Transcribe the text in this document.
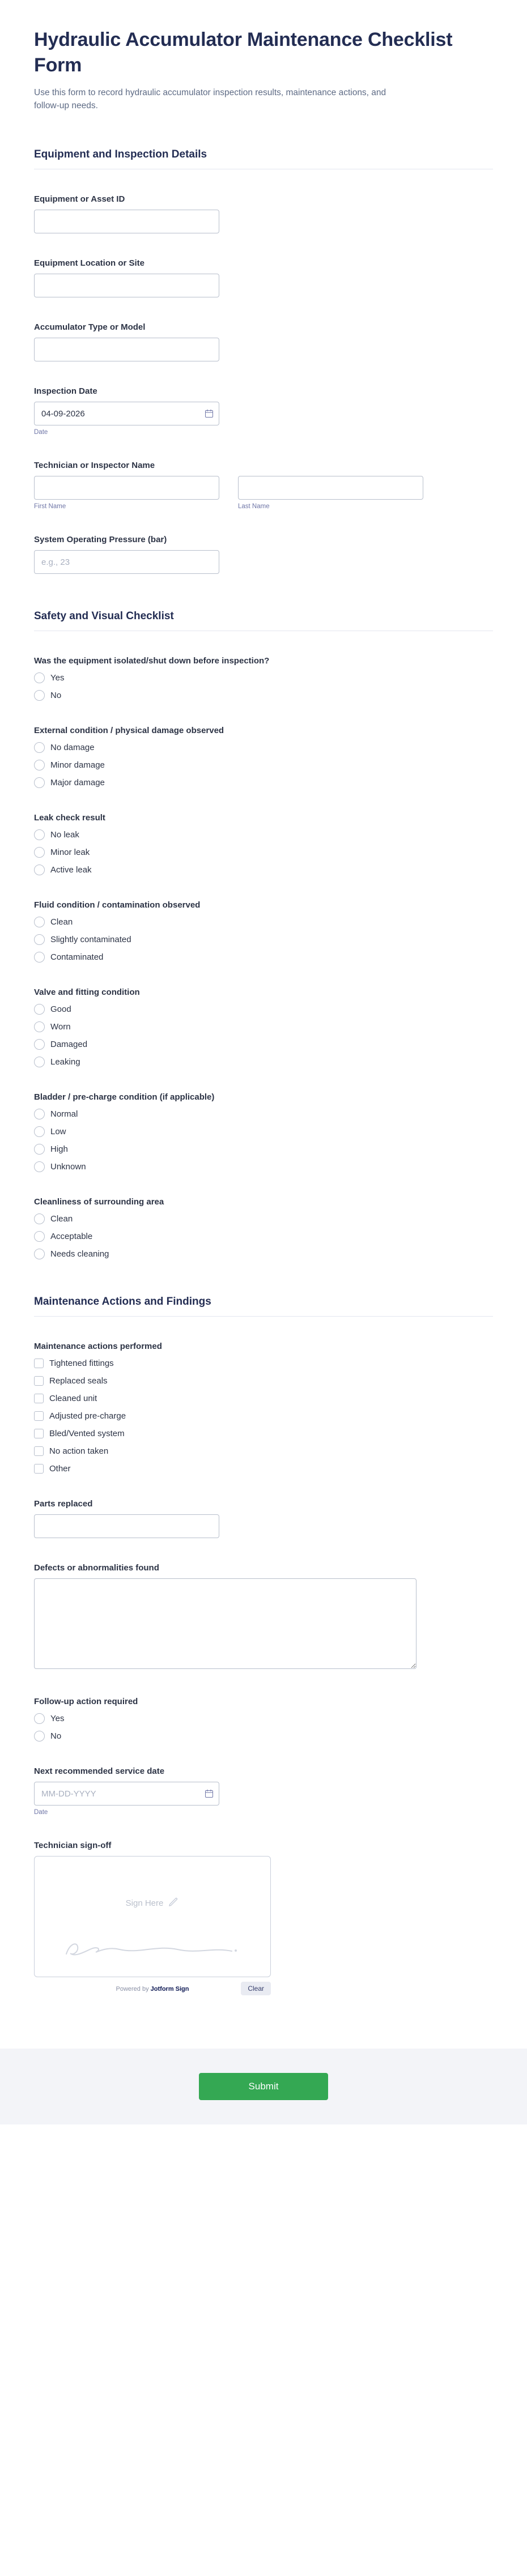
Hydraulic Accumulator Maintenance Checklist Form

Use this form to record hydraulic accumulator inspection results, maintenance actions, and follow-up needs.

Equipment and Inspection Details
Equipment or Asset ID
Equipment Location or Site
Accumulator Type or Model
Inspection Date
04-09-2026
Date
Technician or Inspector Name
First Name	Last Name
System Operating Pressure (bar)
e.g., 23
Safety and Visual Checklist
Was the equipment isolated/shut down before inspection?
Yes
No
External condition / physical damage observed
No damage
Minor damage
Major damage
Leak check result
No leak
Minor leak
Active leak
Fluid condition / contamination observed
Clean
Slightly contaminated
Contaminated
Valve and fitting condition
Good
Worn
Damaged
Leaking
Bladder / pre-charge condition (if applicable)
Normal
Low
High
Unknown
Cleanliness of surrounding area
Clean
Acceptable
Needs cleaning
Maintenance Actions and Findings
Maintenance actions performed
Tightened fittings
Replaced seals
Cleaned unit
Adjusted pre-charge
Bled/Vented system
No action taken
Other
Parts replaced
Defects or abnormalities found
Follow-up action required
Yes
No
Next recommended service date
MM-DD-YYYY
Date
Technician sign-off
Sign Here
Powered by Jotform Sign	Clear
Submit
